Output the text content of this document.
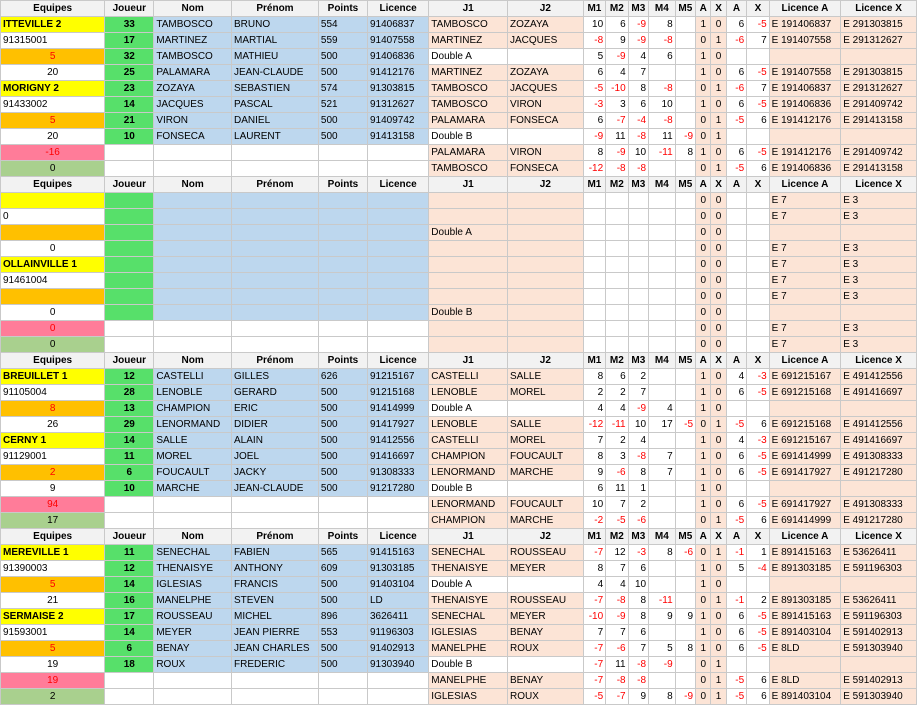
Equipes	Joueur	Nom	Prénom	Points	Licence	J1	J2	M1	M2	M3	M4	M5	A	X	A	X	Licence A	Licence X
ITTEVILLE 2	33	TAMBOSCO	BRUNO	554	91406837	TAMBOSCO	ZOZAYA	10	6	-9	8		1	0	6	-5	E 191406837	E 291303815
91315001	17	MARTINEZ	MARTIAL	559	91407558	MARTINEZ	JACQUES	-8	9	-9	-8		0	1	-6	7	E 191407558	E 291312627
5	32	TAMBOSCO	MATHIEU	500	91406836	Double A		5	-9	4	6		1	0				
20	25	PALAMARA	JEAN-CLAUDE	500	91412176	MARTINEZ	ZOZAYA	6	4	7			1	0	6	-5	E 191407558	E 291303815
MORIGNY 2	23	ZOZAYA	SEBASTIEN	574	91303815	TAMBOSCO	JACQUES	-5	-10	8	-8		0	1	-6	7	E 191406837	E 291312627
91433002	14	JACQUES	PASCAL	521	91312627	TAMBOSCO	VIRON	-3	3	6	10		1	0	6	-5	E 191406836	E 291409742
5	21	VIRON	DANIEL	500	91409742	PALAMARA	FONSECA	6	-7	-4	-8		0	1	-5	6	E 191412176	E 291413158
20	10	FONSECA	LAURENT	500	91413158	Double B		-9	11	-8	11	-9	0	1				
-16						PALAMARA	VIRON	8	-9	10	-11	8	1	0	6	-5	E 191412176	E 291409742
0						TAMBOSCO	FONSECA	-12	-8	-8			0	1	-5	6	E 191406836	E 291413158
Equipes	Joueur	Nom	Prénom	Points	Licence	J1	J2	M1	M2	M3	M4	M5	A	X	A	X	Licence A	Licence X
													0	0			E 7	E 3
0													0	0			E 7	E 3
						Double A							0	0				
0													0	0			E 7	E 3
OLLAINVILLE 1													0	0			E 7	E 3
91461004													0	0			E 7	E 3
													0	0			E 7	E 3
0						Double B							0	0				
0													0	0			E 7	E 3
0													0	0			E 7	E 3
Equipes	Joueur	Nom	Prénom	Points	Licence	J1	J2	M1	M2	M3	M4	M5	A	X	A	X	Licence A	Licence X
BREUILLET 1	12	CASTELLI	GILLES	626	91215167	CASTELLI	SALLE	8	6	2			1	0	4	-3	E 691215167	E 491412556
91105004	28	LENOBLE	GERARD	500	91215168	LENOBLE	MOREL	2	2	7			1	0	6	-5	E 691215168	E 491416697
8	13	CHAMPION	ERIC	500	91414999	Double A		4	4	-9	4		1	0				
26	29	LENORMAND	DIDIER	500	91417927	LENOBLE	SALLE	-12	-11	10	17	-5	0	1	-5	6	E 691215168	E 491412556
CERNY 1	14	SALLE	ALAIN	500	91412556	CASTELLI	MOREL	7	2	4			1	0	4	-3	E 691215167	E 491416697
91129001	11	MOREL	JOEL	500	91416697	CHAMPION	FOUCAULT	8	3	-8	7		1	0	6	-5	E 691414999	E 491308333
2	6	FOUCAULT	JACKY	500	91308333	LENORMAND	MARCHE	9	-6	8	7		1	0	6	-5	E 691417927	E 491217280
9	10	MARCHE	JEAN-CLAUDE	500	91217280	Double B		6	11	1			1	0				
94						LENORMAND	FOUCAULT	10	7	2			1	0	6	-5	E 691417927	E 491308333
17						CHAMPION	MARCHE	-2	-5	-6			0	1	-5	6	E 691414999	E 491217280
Equipes	Joueur	Nom	Prénom	Points	Licence	J1	J2	M1	M2	M3	M4	M5	A	X	A	X	Licence A	Licence X
MEREVILLE 1	11	SENECHAL	FABIEN	565	91415163	SENECHAL	ROUSSEAU	-7	12	-3	8	-6	0	1	-1	1	E 891415163	E 53626411
91390003	12	THENAISYE	ANTHONY	609	91303185	THENAISYE	MEYER	8	7	6			1	0	5	-4	E 891303185	E 591196303
5	14	IGLESIAS	FRANCIS	500	91403104	Double A		4	4	10			1	0				
21	16	MANELPHE	STEVEN	500	LD	THENAISYE	ROUSSEAU	-7	-8	8	-11		0	1	-1	2	E 891303185	E 53626411
SERMAISE 2	17	ROUSSEAU	MICHEL	896	3626411	SENECHAL	MEYER	-10	-9	8	9	9	1	0	6	-5	E 891415163	E 591196303
91593001	14	MEYER	JEAN PIERRE	553	91196303	IGLESIAS	BENAY	7	7	6			1	0	6	-5	E 891403104	E 591402913
5	6	BENAY	JEAN CHARLES	500	91402913	MANELPHE	ROUX	-7	-6	7	5	8	1	0	6	-5	E 8LD	E 591303940
19	18	ROUX	FREDERIC	500	91303940	Double B		-7	11	-8	-9		0	1				
19						MANELPHE	BENAY	-7	-8	-8			0	1	-5	6	E 8LD	E 591402913
2						IGLESIAS	ROUX	-5	-7	9	8	-9	0	1	-5	6	E 891403104	E 591303940
